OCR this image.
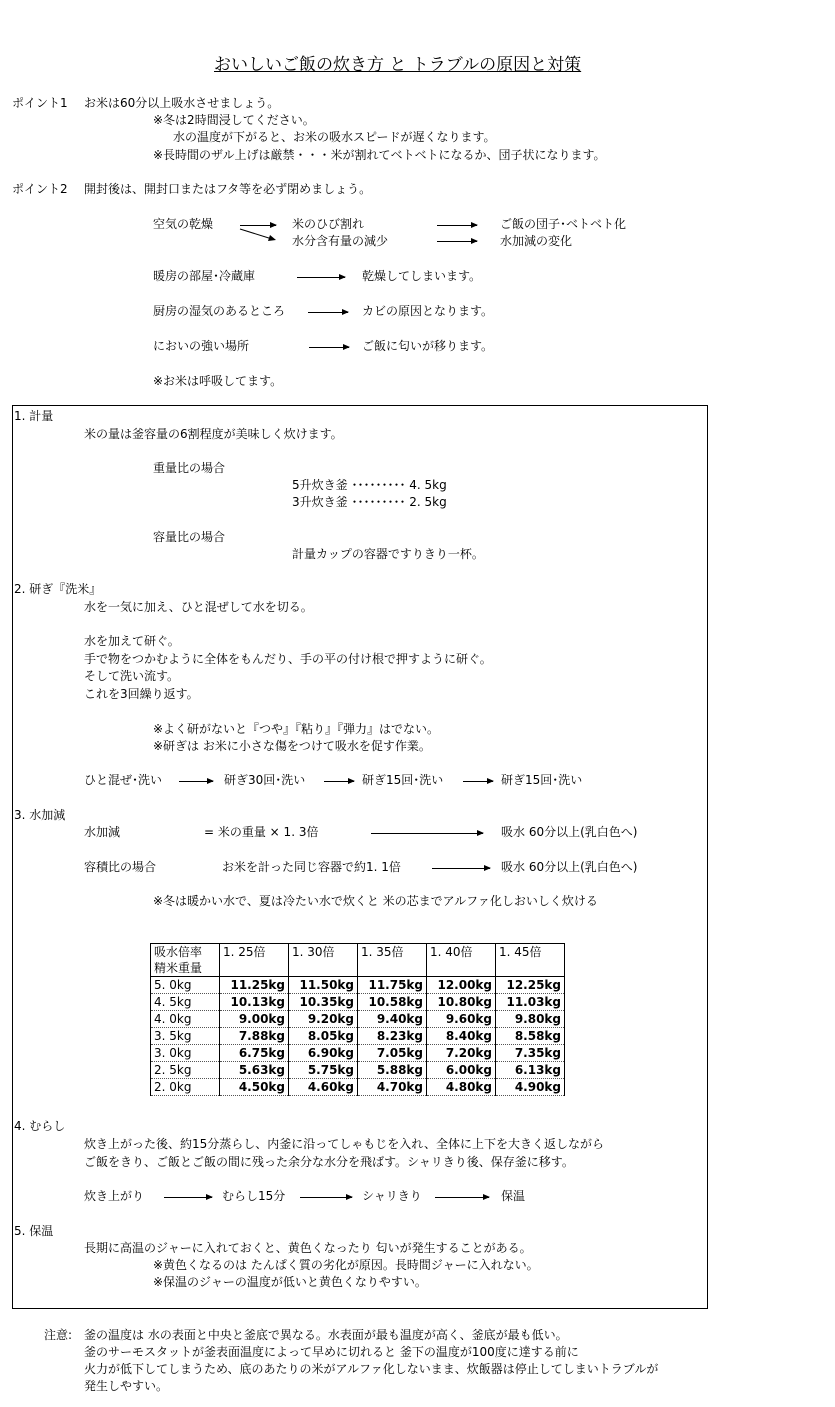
おいしいご飯の炊き方 と トラブルの原因と対策
ポイント1 お米は60分以上吸水させましょう。
※冬は2時間浸してください。
水の温度が下がると、お米の吸水スピードが遅くなります。
※長時間のザル上げは厳禁・・・米が割れてベトベトになるか、団子状になります。
ポイント2 開封後は、開封口またはフタ等を必ず閉めましょう。
空気の乾燥	米のひび割れ
水分含有量の減少
ご飯の団子･ベトベト化
水加減の変化
暖房の部屋･冷蔵庫	乾燥してしまいます。
厨房の湿気のあるところ	カビの原因となります。
においの強い場所	ご飯に匂いが移ります。
※お米は呼吸してます。
1. 計量
米の量は釜容量の6割程度が美味しく炊けます。
重量比の場合
5升炊き釜 ･････････ 4. 5kg
3升炊き釜 ･････････ 2. 5kg
容量比の場合
計量カップの容器ですりきり一杯。
2. 研ぎ『洗米』
水を一気に加え、ひと混ぜして水を切る。
水を加えて研ぐ。
手で物をつかむように全体をもんだり、手の平の付け根で押すように研ぐ。
そして洗い流す。
これを3回繰り返す。
※よく研がないと『つや』『粘り』『弾力』はでない。
※研ぎは お米に小さな傷をつけて吸水を促す作業。
ひと混ぜ･洗い	研ぎ30回･洗い	研ぎ15回･洗い	研ぎ15回･洗い
3. 水加減
水加減	= 米の重量 × 1. 3倍	吸水 60分以上(乳白色へ)
容積比の場合	お米を計った同じ容器で約1. 1倍	吸水 60分以上(乳白色へ)
※冬は暖かい水で、夏は冷たい水で炊くと 米の芯までアルファ化しおいしく炊ける
吸水倍率
精米重量	1. 25倍	1. 30倍	1. 35倍	1. 40倍	1. 45倍
5. 0kg	11.25kg	11.50kg	11.75kg	12.00kg	12.25kg
4. 5kg	10.13kg	10.35kg	10.58kg	10.80kg	11.03kg
4. 0kg	9.00kg	9.20kg	9.40kg	9.60kg	9.80kg
3. 5kg	7.88kg	8.05kg	8.23kg	8.40kg	8.58kg
3. 0kg	6.75kg	6.90kg	7.05kg	7.20kg	7.35kg
2. 5kg	5.63kg	5.75kg	5.88kg	6.00kg	6.13kg
2. 0kg	4.50kg	4.60kg	4.70kg	4.80kg	4.90kg
4. むらし
炊き上がった後、約15分蒸らし、内釜に沿ってしゃもじを入れ、全体に上下を大きく返しながら
ご飯をきり、ご飯とご飯の間に残った余分な水分を飛ばす。シャリきり後、保存釜に移す。
炊き上がり	むらし15分	シャリきり	保温
5. 保温
長期に高温のジャーに入れておくと、黄色くなったり 匂いが発生することがある。
※黄色くなるのは たんぱく質の劣化が原因。長時間ジャーに入れない。
※保温のジャーの温度が低いと黄色くなりやすい。
注意: 釜の温度は 水の表面と中央と釜底で異なる。水表面が最も温度が高く、釜底が最も低い。
釜のサーモスタットが釜表面温度によって早めに切れると 釜下の温度が100度に達する前に
火力が低下してしまうため、底のあたりの米がアルファ化しないまま、炊飯器は停止してしまいトラブルが
発生しやすい。
